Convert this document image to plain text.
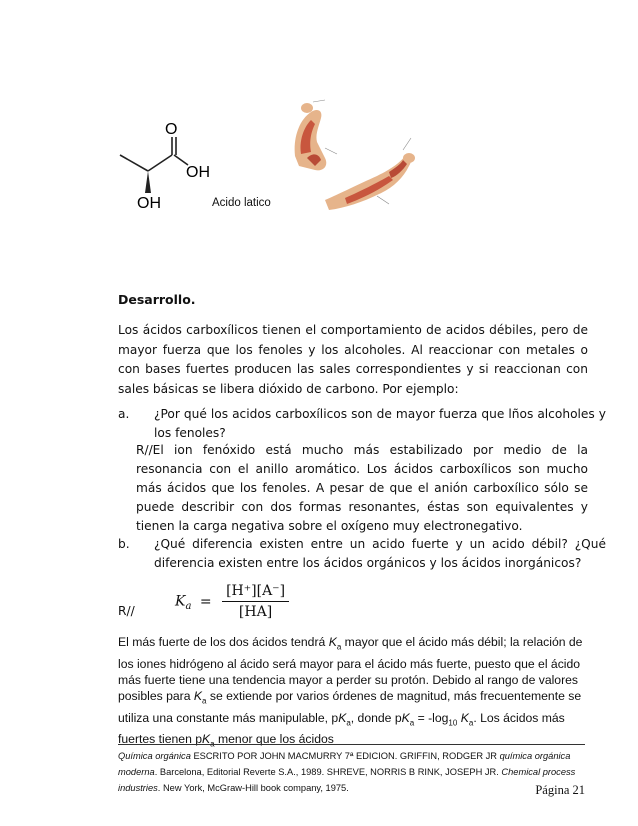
O
OH
OH	Acido latico
Desarrollo.

Los ácidos carboxílicos tienen el comportamiento de acidos débiles, pero de mayor fuerza que los fenoles y los alcoholes. Al reaccionar con metales o con bases fuertes producen las sales correspondientes y si reaccionan con sales básicas se libera dióxido de carbono. Por ejemplo:

a. ¿Por qué los acidos carboxílicos son de mayor fuerza que lños alcoholes y los fenoles?

R//El ion fenóxido está mucho más estabilizado por medio de la resonancia con el anillo aromático. Los ácidos carboxílicos son mucho más ácidos que los fenoles. A pesar de que el anión carboxílico sólo se puede describir con dos formas resonantes, éstas son equivalentes y tienen la carga negativa sobre el oxígeno muy electronegativo.

b. ¿Qué diferencia existen entre un acido fuerte y un acido débil? ¿Qué diferencia existen entre los ácidos orgánicos y los ácidos inorgánicos?
$K_a = \frac{[H^+][A^-]}{[HA]}$
R//

El más fuerte de los dos ácidos tendrá $K_a$ mayor que el ácido más débil; la relación de los iones hidrógeno al ácido será mayor para el ácido más fuerte, puesto que el ácido más fuerte tiene una tendencia mayor a perder su protón. Debido al rango de valores posibles para $K_a$ se extiende por varios órdenes de magnitud, más frecuentemente se utiliza una constante más manipulable, $pK_a$, donde $pK_a = -\log_{10}$ $K_a$. Los ácidos más fuertes tienen $pK_a$ menor que los ácidos

Química orgánica ESCRITO POR JOHN MACMURRY 7ª EDICION. GRIFFIN, RODGER JR química orgánica moderna. Barcelona, Editorial Reverte S.A., 1989. SHREVE, NORRIS B RINK, JOSEPH JR. Chemical process industries. New York, McGraw-Hill book company, 1975.	Página 21
